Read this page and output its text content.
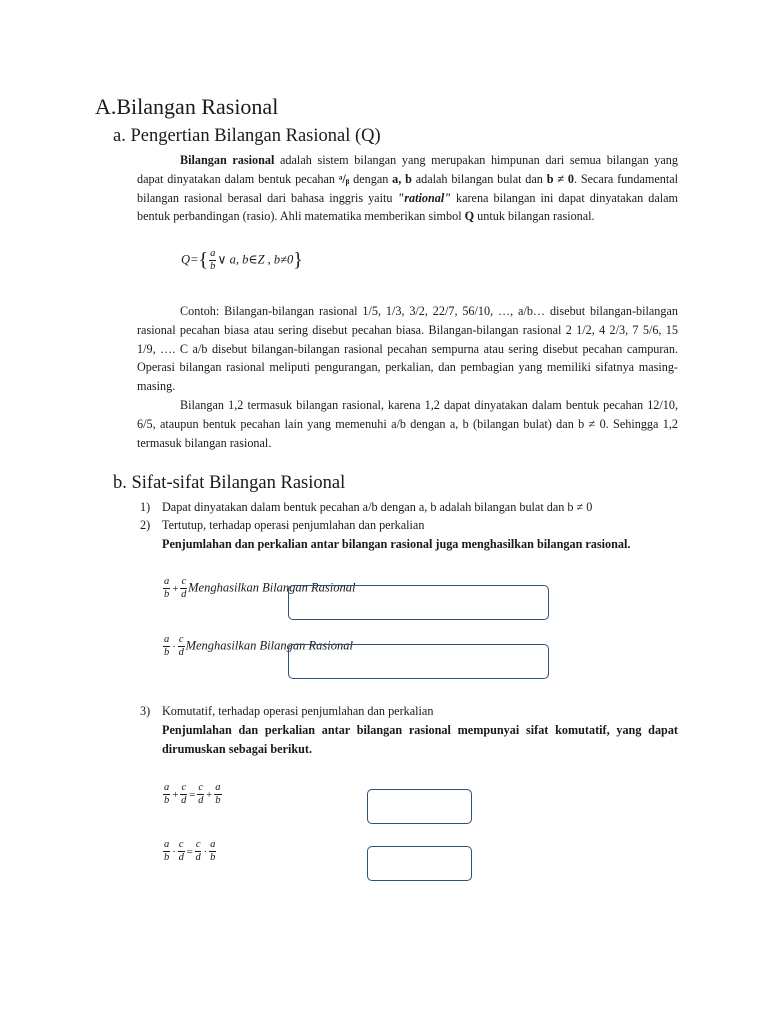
A.Bilangan Rasional
a. Pengertian Bilangan Rasional (Q)
Bilangan rasional adalah sistem bilangan yang merupakan himpunan dari semua bilangan yang dapat dinyatakan dalam bentuk pecahan ᵃ/ᵦ dengan a, b adalah bilangan bulat dan b ≠ 0. Secara fundamental bilangan rasional berasal dari bahasa inggris yaitu "rational" karena bilangan ini dapat dinyatakan dalam bentuk perbandingan (rasio). Ahli matematika memberikan simbol Q untuk bilangan rasional.
$Q=\{ \frac{a}{b}$ ∨ a, b∈Z , b≠0}
Contoh: Bilangan-bilangan rasional 1/5, 1/3, 3/2, 22/7, 56/10, …, a/b… disebut bilangan-bilangan rasional pecahan biasa atau sering disebut pecahan biasa. Bilangan-bilangan rasional 2 1/2, 4 2/3, 7 5/6, 15 1/9, …. C a/b disebut bilangan-bilangan rasional pecahan sempurna atau sering disebut pecahan campuran. Operasi bilangan rasional meliputi pengurangan, perkalian, dan pembagian yang memiliki sifatnya masing-masing.
Bilangan 1,2 termasuk bilangan rasional, karena 1,2 dapat dinyatakan dalam bentuk pecahan 12/10, 6/5, ataupun bentuk pecahan lain yang memenuhi a/b dengan a, b (bilangan bulat) dan b ≠ 0. Sehingga 1,2 termasuk bilangan rasional.
b. Sifat-sifat Bilangan Rasional
1) Dapat dinyatakan dalam bentuk pecahan a/b dengan a, b adalah bilangan bulat dan b ≠ 0
2) Tertutup, terhadap operasi penjumlahan dan perkalian
Penjumlahan dan perkalian antar bilangan rasional juga menghasilkan bilangan rasional.
$\frac{a}{b} + \frac{c}{d}$ Menghasilkan Bilangan Rasional
$\frac{a}{b} \cdot \frac{c}{d}$ Menghasilkan Bilangan Rasional
3) Komutatif, terhadap operasi penjumlahan dan perkalian
Penjumlahan dan perkalian antar bilangan rasional mempunyai sifat komutatif, yang dapat dirumuskan sebagai berikut.
$\frac{a}{b} + \frac{c}{d} = \frac{c}{d} + \frac{a}{b}$
$\frac{a}{b} \cdot \frac{c}{d} = \frac{c}{d} \cdot \frac{a}{b}$
